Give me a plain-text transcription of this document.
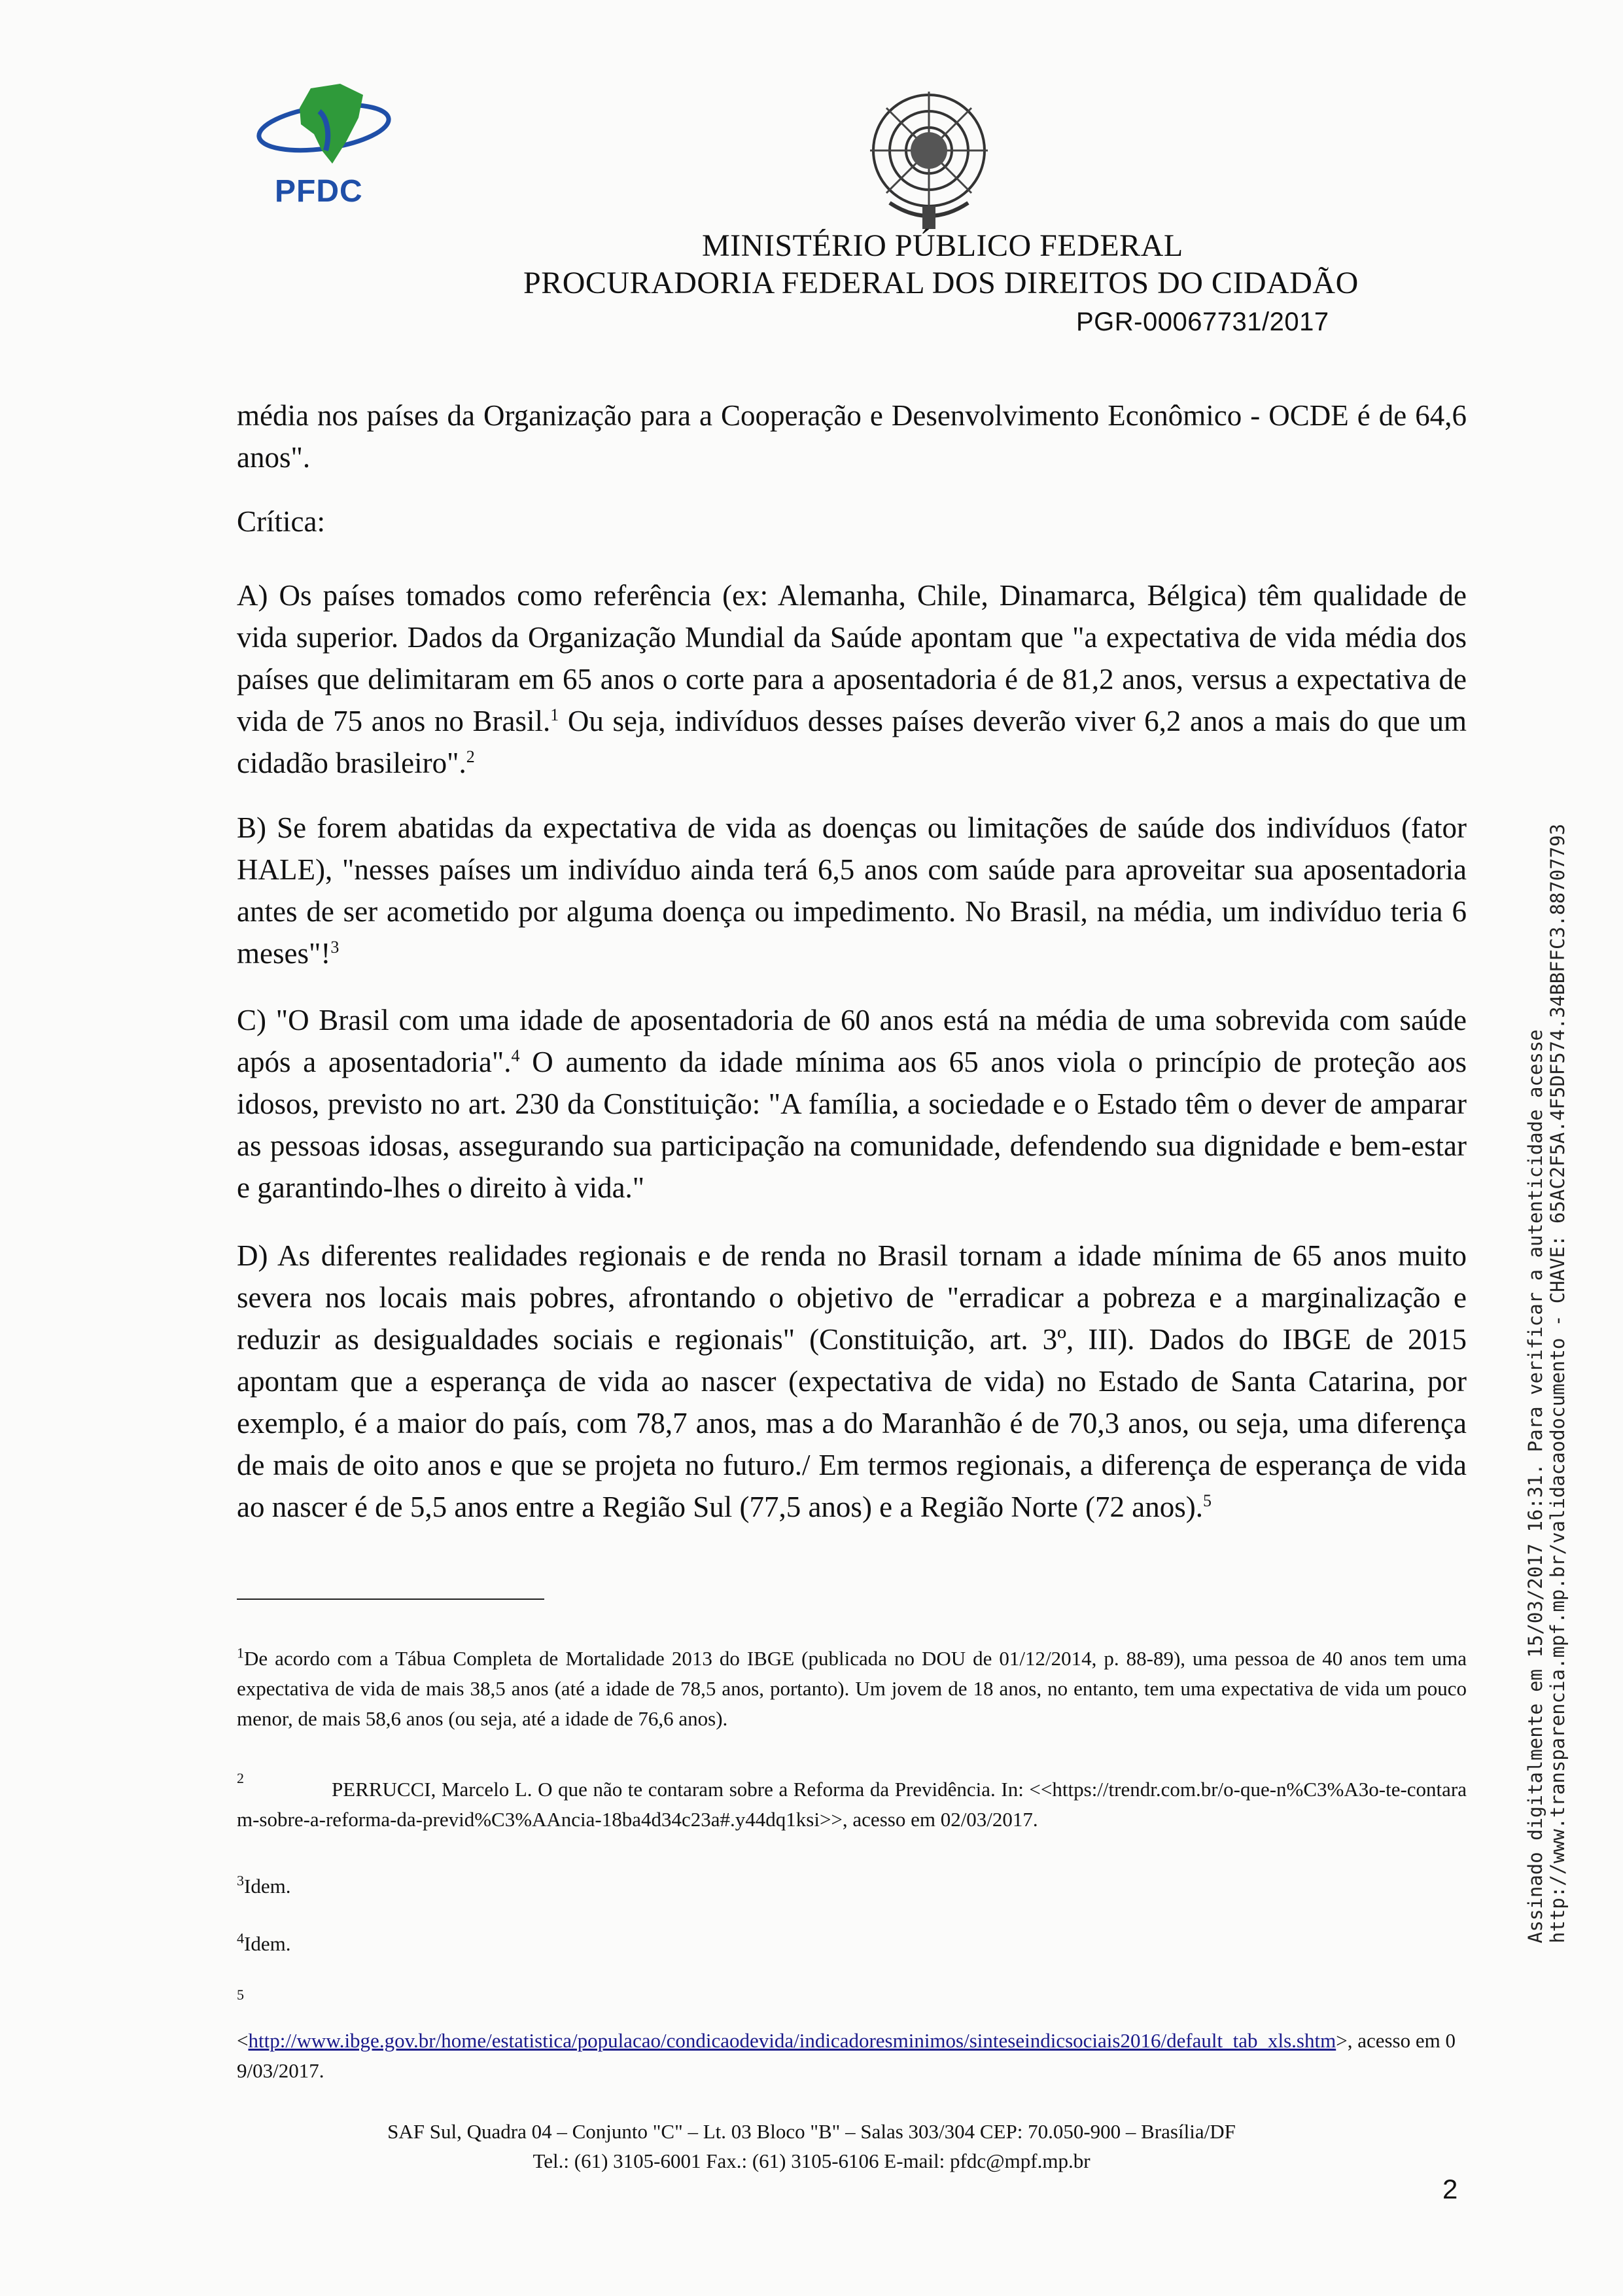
PFDC
MINISTÉRIO PÚBLICO FEDERAL
PROCURADORIA FEDERAL DOS DIREITOS DO CIDADÃO
PGR-00067731/2017
média nos países da Organização para a Cooperação e Desenvolvimento Econômico - OCDE é de 64,6 anos".
Crítica:
A) Os países tomados como referência (ex: Alemanha, Chile, Dinamarca, Bélgica) têm qualidade de vida superior. Dados da Organização Mundial da Saúde apontam que "a expectativa de vida média dos países que delimitaram em 65 anos o corte para a aposentadoria é de 81,2 anos, versus a expectativa de vida de 75 anos no Brasil.$^1$ Ou seja, indivíduos desses países deverão viver 6,2 anos a mais do que um cidadão brasileiro".$^2$
B) Se forem abatidas da expectativa de vida as doenças ou limitações de saúde dos indivíduos (fator HALE), "nesses países um indivíduo ainda terá 6,5 anos com saúde para aproveitar sua aposentadoria antes de ser acometido por alguma doença ou impedimento. No Brasil, na média, um indivíduo teria 6 meses"!$^3$
C) "O Brasil com uma idade de aposentadoria de 60 anos está na média de uma sobrevida com saúde após a aposentadoria".$^4$ O aumento da idade mínima aos 65 anos viola o princípio de proteção aos idosos, previsto no art. 230 da Constituição: "A família, a sociedade e o Estado têm o dever de amparar as pessoas idosas, assegurando sua participação na comunidade, defendendo sua dignidade e bem-estar e garantindo-lhes o direito à vida."
D) As diferentes realidades regionais e de renda no Brasil tornam a idade mínima de 65 anos muito severa nos locais mais pobres, afrontando o objetivo de "erradicar a pobreza e a marginalização e reduzir as desigualdades sociais e regionais" (Constituição, art. 3º, III). Dados do IBGE de 2015 apontam que a esperança de vida ao nascer (expectativa de vida) no Estado de Santa Catarina, por exemplo, é a maior do país, com 78,7 anos, mas a do Maranhão é de 70,3 anos, ou seja, uma diferença de mais de oito anos e que se projeta no futuro./ Em termos regionais, a diferença de esperança de vida ao nascer é de 5,5 anos entre a Região Sul (77,5 anos) e a Região Norte (72 anos).$^5$
$^1$De acordo com a Tábua Completa de Mortalidade 2013 do IBGE (publicada no DOU de 01/12/2014, p. 88-89), uma pessoa de 40 anos tem uma expectativa de vida de mais 38,5 anos (até a idade de 78,5 anos, portanto). Um jovem de 18 anos, no entanto, tem uma expectativa de vida um pouco menor, de mais 58,6 anos (ou seja, até a idade de 76,6 anos).
2	PERRUCCI, Marcelo L. O que não te contaram sobre a Reforma da Previdência. In: <<https://trendr.com.br/o-que-n%C3%A3o-te-contaram-sobre-a-reforma-da-previd%C3%AAncia-18ba4d34c23a#.y44dq1ksi>>, acesso em 02/03/2017.
$^3$Idem.
$^4$Idem.
5
<http://www.ibge.gov.br/home/estatistica/populacao/condicaodevida/indicadoresminimos/sinteseindicsociais2016/default_tab_xls.shtm>, acesso em 09/03/2017.
SAF Sul, Quadra 04 – Conjunto "C" – Lt. 03 Bloco "B" – Salas 303/304 CEP: 70.050-900 – Brasília/DF
Tel.: (61) 3105-6001 Fax.: (61) 3105-6106 E-mail: pfdc@mpf.mp.br
2
Assinado digitalmente em 15/03/2017 16:31. Para verificar a autenticidade acesse http://www.transparencia.mpf.mp.br/validacaodocumento - CHAVE: 65AC2F5A.4F5DF574.34BBFFC3.88707793
